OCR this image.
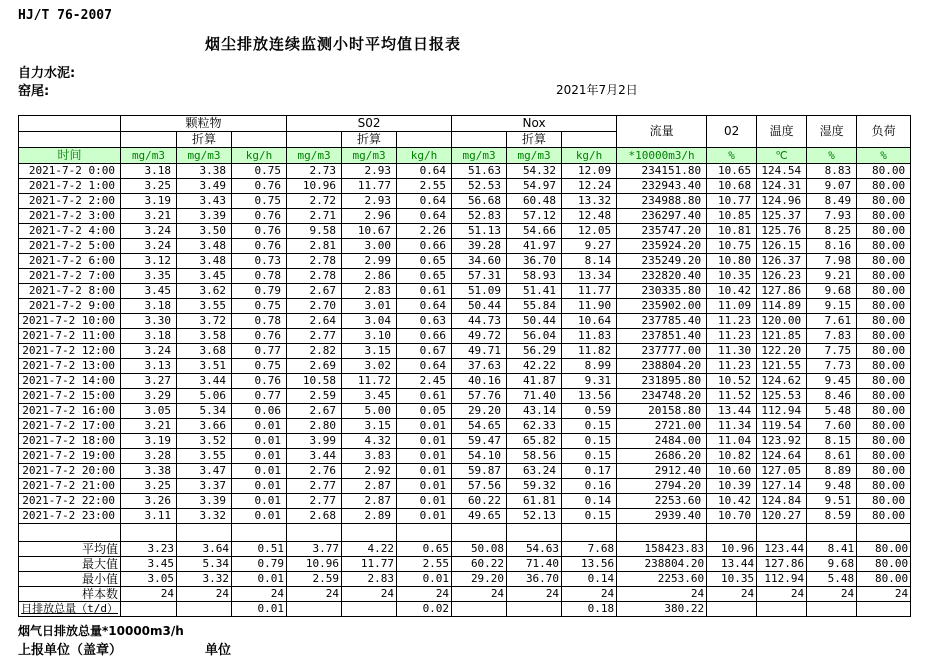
HJ/T 76-2007
烟尘排放连续监测小时平均值日报表
自力水泥:
窑尾:	2021年7月2日
	颗粒物			S02			Nox			流量	02	温度	湿度	负荷
		折算			折算			折算						
时间	mg/m3	mg/m3	kg/h	mg/m3	mg/m3	kg/h	mg/m3	mg/m3	kg/h	*10000m3/h	%	℃	%	%
2021-7-2 0:00	3.18	3.38	0.75	2.73	2.93	0.64	51.63	54.32	12.09	234151.80	10.65	124.54	8.83	80.00
2021-7-2 1:00	3.25	3.49	0.76	10.96	11.77	2.55	52.53	54.97	12.24	232943.40	10.68	124.31	9.07	80.00
2021-7-2 2:00	3.19	3.43	0.75	2.72	2.93	0.64	56.68	60.48	13.32	234988.80	10.77	124.96	8.49	80.00
2021-7-2 3:00	3.21	3.39	0.76	2.71	2.96	0.64	52.83	57.12	12.48	236297.40	10.85	125.37	7.93	80.00
2021-7-2 4:00	3.24	3.50	0.76	9.58	10.67	2.26	51.13	54.66	12.05	235747.20	10.81	125.76	8.25	80.00
2021-7-2 5:00	3.24	3.48	0.76	2.81	3.00	0.66	39.28	41.97	9.27	235924.20	10.75	126.15	8.16	80.00
2021-7-2 6:00	3.12	3.48	0.73	2.78	2.99	0.65	34.60	36.70	8.14	235249.20	10.80	126.37	7.98	80.00
2021-7-2 7:00	3.35	3.45	0.78	2.78	2.86	0.65	57.31	58.93	13.34	232820.40	10.35	126.23	9.21	80.00
2021-7-2 8:00	3.45	3.62	0.79	2.67	2.83	0.61	51.09	51.41	11.77	230335.80	10.42	127.86	9.68	80.00
2021-7-2 9:00	3.18	3.55	0.75	2.70	3.01	0.64	50.44	55.84	11.90	235902.00	11.09	114.89	9.15	80.00
2021-7-2 10:00	3.30	3.72	0.78	2.64	3.04	0.63	44.73	50.44	10.64	237785.40	11.23	120.00	7.61	80.00
2021-7-2 11:00	3.18	3.58	0.76	2.77	3.10	0.66	49.72	56.04	11.83	237851.40	11.23	121.85	7.83	80.00
2021-7-2 12:00	3.24	3.68	0.77	2.82	3.15	0.67	49.71	56.29	11.82	237777.00	11.30	122.20	7.75	80.00
2021-7-2 13:00	3.13	3.51	0.75	2.69	3.02	0.64	37.63	42.22	8.99	238804.20	11.23	121.55	7.73	80.00
2021-7-2 14:00	3.27	3.44	0.76	10.58	11.72	2.45	40.16	41.87	9.31	231895.80	10.52	124.62	9.45	80.00
2021-7-2 15:00	3.29	5.06	0.77	2.59	3.45	0.61	57.76	71.40	13.56	234748.20	11.52	125.53	8.46	80.00
2021-7-2 16:00	3.05	5.34	0.06	2.67	5.00	0.05	29.20	43.14	0.59	20158.80	13.44	112.94	5.48	80.00
2021-7-2 17:00	3.21	3.66	0.01	2.80	3.15	0.01	54.65	62.33	0.15	2721.00	11.34	119.54	7.60	80.00
2021-7-2 18:00	3.19	3.52	0.01	3.99	4.32	0.01	59.47	65.82	0.15	2484.00	11.04	123.92	8.15	80.00
2021-7-2 19:00	3.28	3.55	0.01	3.44	3.83	0.01	54.10	58.56	0.15	2686.20	10.82	124.64	8.61	80.00
2021-7-2 20:00	3.38	3.47	0.01	2.76	2.92	0.01	59.87	63.24	0.17	2912.40	10.60	127.05	8.89	80.00
2021-7-2 21:00	3.25	3.37	0.01	2.77	2.87	0.01	57.56	59.32	0.16	2794.20	10.39	127.14	9.48	80.00
2021-7-2 22:00	3.26	3.39	0.01	2.77	2.87	0.01	60.22	61.81	0.14	2253.60	10.42	124.84	9.51	80.00
2021-7-2 23:00	3.11	3.32	0.01	2.68	2.89	0.01	49.65	52.13	0.15	2939.40	10.70	120.27	8.59	80.00

平均值	3.23	3.64	0.51	3.77	4.22	0.65	50.08	54.63	7.68	158423.83	10.96	123.44	8.41	80.00
最大值	3.45	5.34	0.79	10.96	11.77	2.55	60.22	71.40	13.56	238804.20	13.44	127.86	9.68	80.00
最小值	3.05	3.32	0.01	2.59	2.83	0.01	29.20	36.70	0.14	2253.60	10.35	112.94	5.48	80.00
样本数	24	24	24	24	24	24	24	24	24	24	24	24	24	24
日排放总量（t/d）			0.01			0.02			0.18	380.22				
烟气日排放总量*10000m3/h
上报单位（盖章）	单位
